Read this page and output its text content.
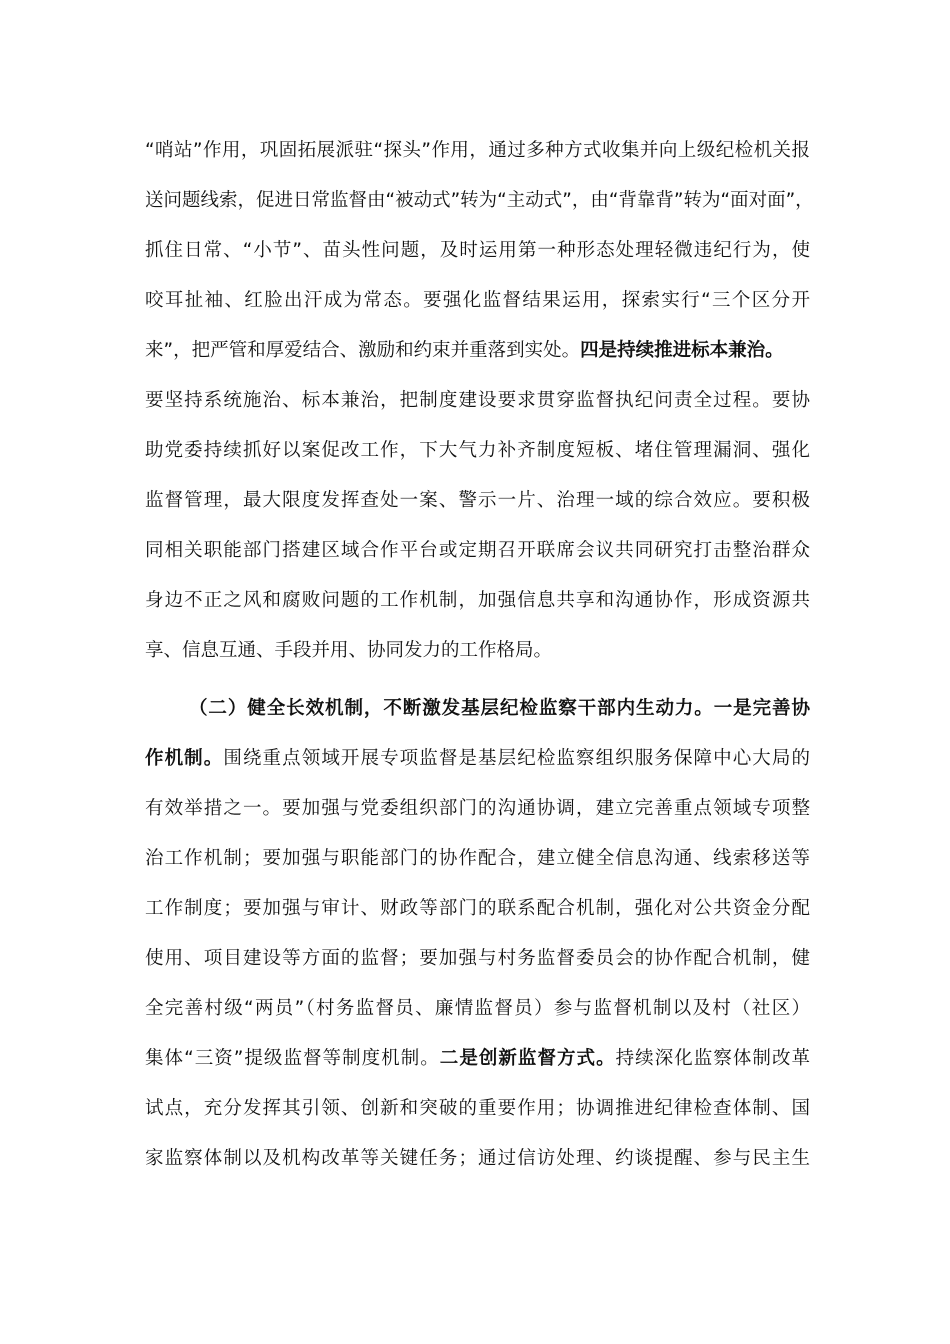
“哨站”作用，巩固拓展派驻“探头”作用，通过多种方式收集并向上级纪检机关报
送问题线索，促进日常监督由“被动式”转为“主动式”，由“背靠背”转为“面对面”，
抓住日常、“小节”、苗头性问题，及时运用第一种形态处理轻微违纪行为，使
咬耳扯袖、红脸出汗成为常态。要强化监督结果运用，探索实行“三个区分开
来”，把严管和厚爱结合、激励和约束并重落到实处。四是持续推进标本兼治。
要坚持系统施治、标本兼治，把制度建设要求贯穿监督执纪问责全过程。要协
助党委持续抓好以案促改工作，下大气力补齐制度短板、堵住管理漏洞、强化
监督管理，最大限度发挥查处一案、警示一片、治理一域的综合效应。要积极
同相关职能部门搭建区域合作平台或定期召开联席会议共同研究打击整治群众
身边不正之风和腐败问题的工作机制，加强信息共享和沟通协作，形成资源共
享、信息互通、手段并用、协同发力的工作格局。
（二）健全长效机制，不断激发基层纪检监察干部内生动力。一是完善协
作机制。围绕重点领域开展专项监督是基层纪检监察组织服务保障中心大局的
有效举措之一。要加强与党委组织部门的沟通协调，建立完善重点领域专项整
治工作机制；要加强与职能部门的协作配合，建立健全信息沟通、线索移送等
工作制度；要加强与审计、财政等部门的联系配合机制，强化对公共资金分配
使用、项目建设等方面的监督；要加强与村务监督委员会的协作配合机制，健
全完善村级“两员”（村务监督员、廉情监督员）参与监督机制以及村（社区）
集体“三资”提级监督等制度机制。二是创新监督方式。持续深化监察体制改革
试点，充分发挥其引领、创新和突破的重要作用；协调推进纪律检查体制、国
家监察体制以及机构改革等关键任务；通过信访处理、约谈提醒、参与民主生
